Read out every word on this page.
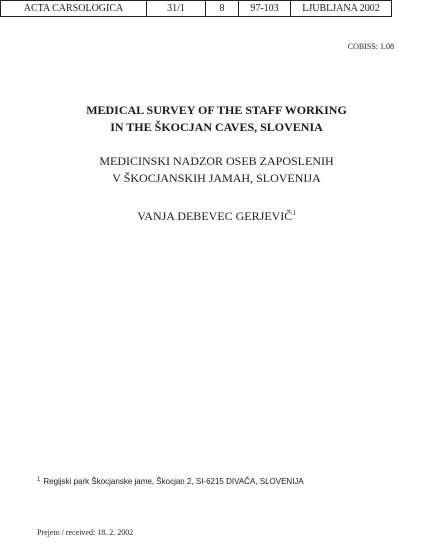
ACTA CARSOLOGICA	31/1	8	97-103	LJUBLJANA 2002
COBISS: 1.08
MEDICAL SURVEY OF THE STAFF WORKING
IN THE ŠKOCJAN CAVES, SLOVENIA
MEDICINSKI NADZOR OSEB ZAPOSLENIH
V ŠKOCJANSKIH JAMAH, SLOVENIJA
VANJA DEBEVEC GERJEVIČ$^1$
$^1$ Regijski park Škocjanske jame, Škocjan 2, SI-6215 DIVAČA, SLOVENIJA
Prejeto / received: 18. 2. 2002
